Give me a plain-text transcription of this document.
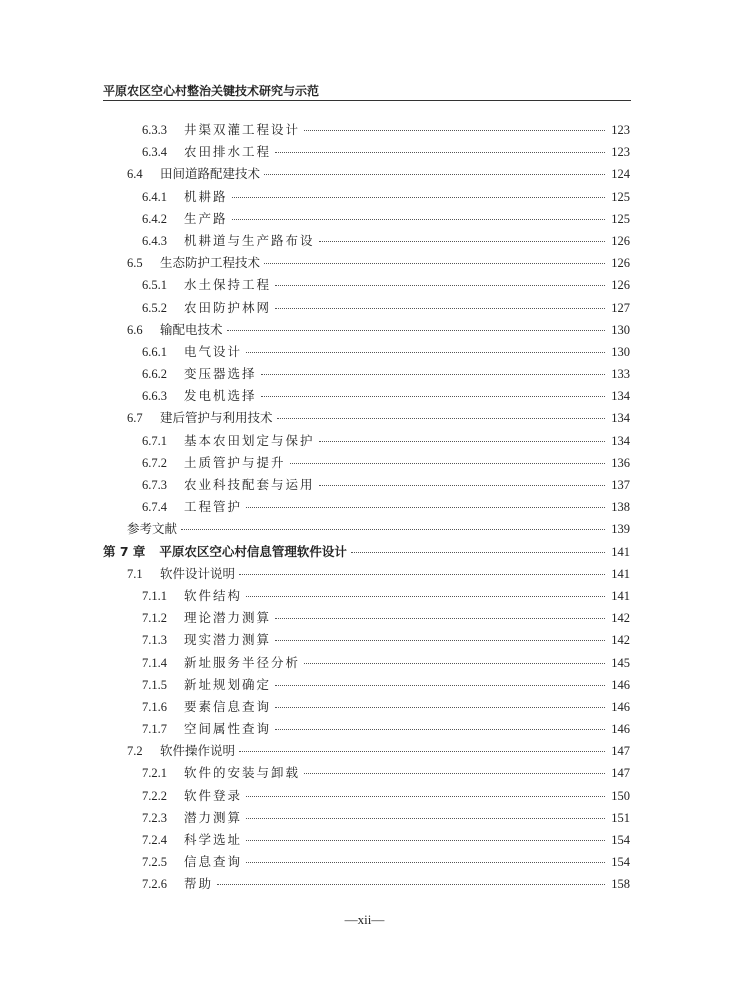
平原农区空心村整治关键技术研究与示范
6.3.3	井渠双灌工程设计	123
6.3.4	农田排水工程	123
6.4	田间道路配建技术	124
6.4.1	机耕路	125
6.4.2	生产路	125
6.4.3	机耕道与生产路布设	126
6.5	生态防护工程技术	126
6.5.1	水土保持工程	126
6.5.2	农田防护林网	127
6.6	输配电技术	130
6.6.1	电气设计	130
6.6.2	变压器选择	133
6.6.3	发电机选择	134
6.7	建后管护与利用技术	134
6.7.1	基本农田划定与保护	134
6.7.2	土质管护与提升	136
6.7.3	农业科技配套与运用	137
6.7.4	工程管护	138
参考文献	139
第 7 章 平原农区空心村信息管理软件设计	141
7.1	软件设计说明	141
7.1.1	软件结构	141
7.1.2	理论潜力测算	142
7.1.3	现实潜力测算	142
7.1.4	新址服务半径分析	145
7.1.5	新址规划确定	146
7.1.6	要素信息查询	146
7.1.7	空间属性查询	146
7.2	软件操作说明	147
7.2.1	软件的安装与卸载	147
7.2.2	软件登录	150
7.2.3	潜力测算	151
7.2.4	科学选址	154
7.2.5	信息查询	154
7.2.6	帮助	158
—xii—
